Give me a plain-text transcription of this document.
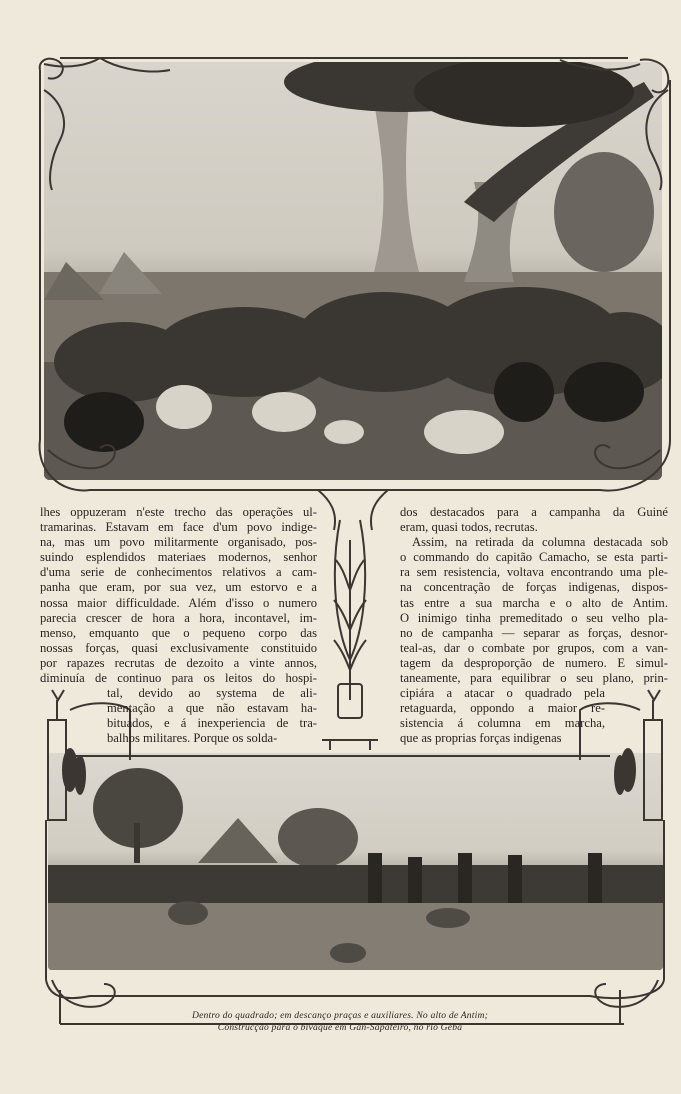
lhes oppuzeram n'este trecho das operações ul-
tramarinas. Estavam em face d'um povo indige-
na, mas um povo militarmente organisado, pos-
suindo esplendidos materiaes modernos, senhor
d'uma serie de conhecimentos relativos a cam-
panha que eram, por sua vez, um estorvo e a
nossa maior difficuldade. Além d'isso o numero
parecia crescer de hora a hora, incontavel, im-
menso, emquanto que o pequeno corpo das
nossas forças, quasi exclusivamente constituido
por rapazes recrutas de dezoito a vinte annos,
diminuía de continuo para os leitos do hospi-
tal, devido ao systema de ali-
mentação a que não estavam ha-
bituados, e á inexperiencia de tra-
balhos militares. Porque os solda-
dos destacados para a campanha da Guiné
eram, quasi todos, recrutas.
Assim, na retirada da columna destacada sob
o commando do capitão Camacho, se esta parti-
ra sem resistencia, voltava encontrando uma ple-
na concentração de forças indigenas, dispos-
tas entre a sua marcha e o alto de Antim.
O inimigo tinha premeditado o seu velho pla-
no de campanha — separar as forças, desnor-
teal-as, dar o combate por grupos, com a van-
tagem da desproporção de numero. E simul-
taneamente, para equilibrar o seu plano, prin-
cipiára a atacar o quadrado pela
retaguarda, oppondo a maior re-
sistencia á columna em marcha,
que as proprias forças indigenas
Dentro do quadrado; em descanço praças e auxiliares. No alto de Antim;
Construcção para o bivaque em Gan-Sapateiro, no rio Geba
